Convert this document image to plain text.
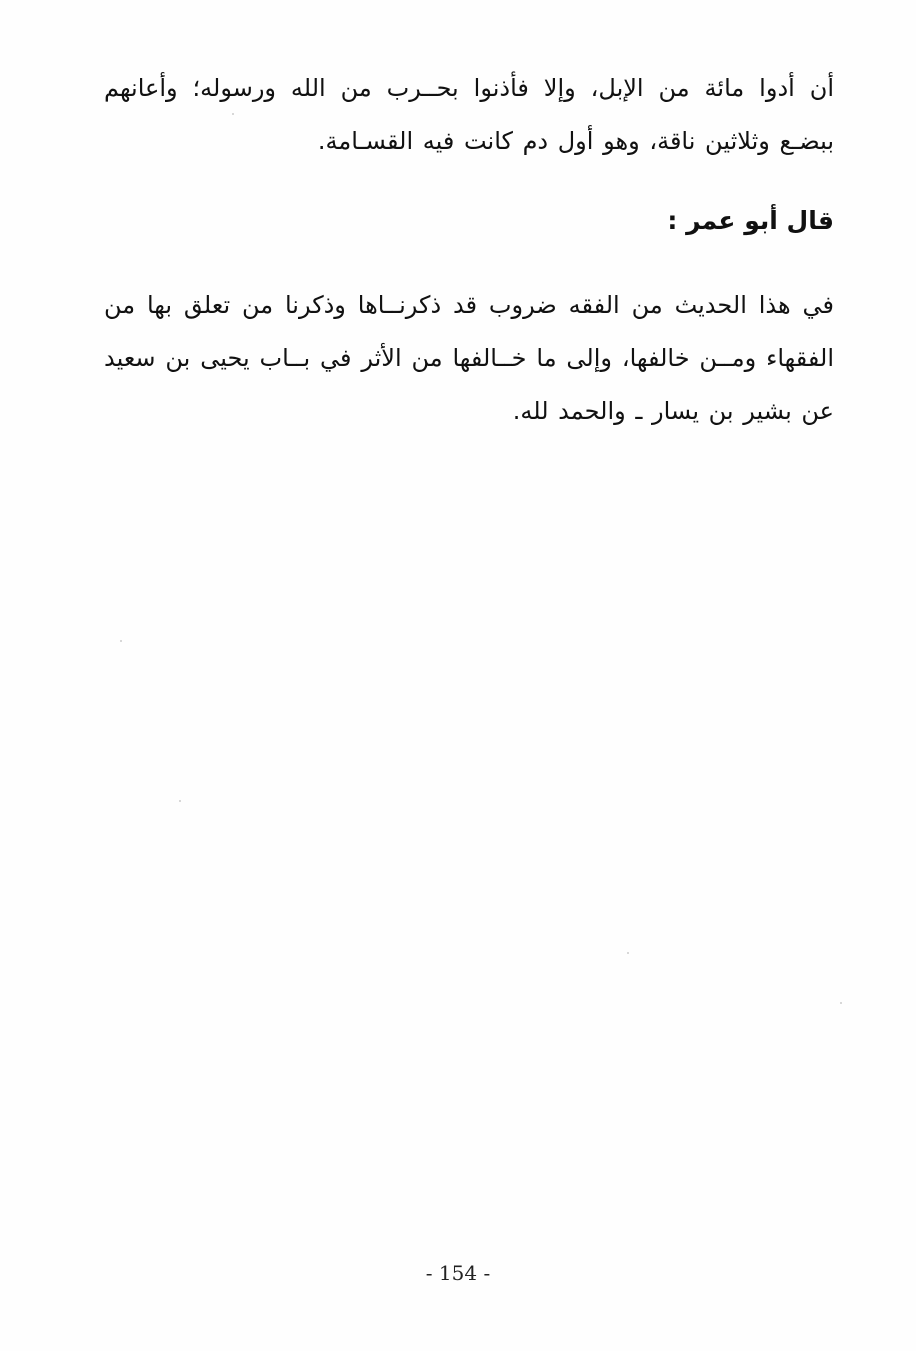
أن أدوا مائة من الإبل، وإلا فأذنوا بحــرب من الله ورسوله؛ وأعانهم ببضـع وثلاثين ناقة، وهو أول دم كانت فيه القسـامة.

قال أبو عمر :

في هذا الحديث من الفقه ضروب قد ذكرنــاها وذكرنا من تعلق بها من الفقهاء ومــن خالفها، وإلى ما خــالفها من الأثر في بــاب يحيى بن سعيد عن بشير بن يسار ـ والحمد لله.

- 154 -
